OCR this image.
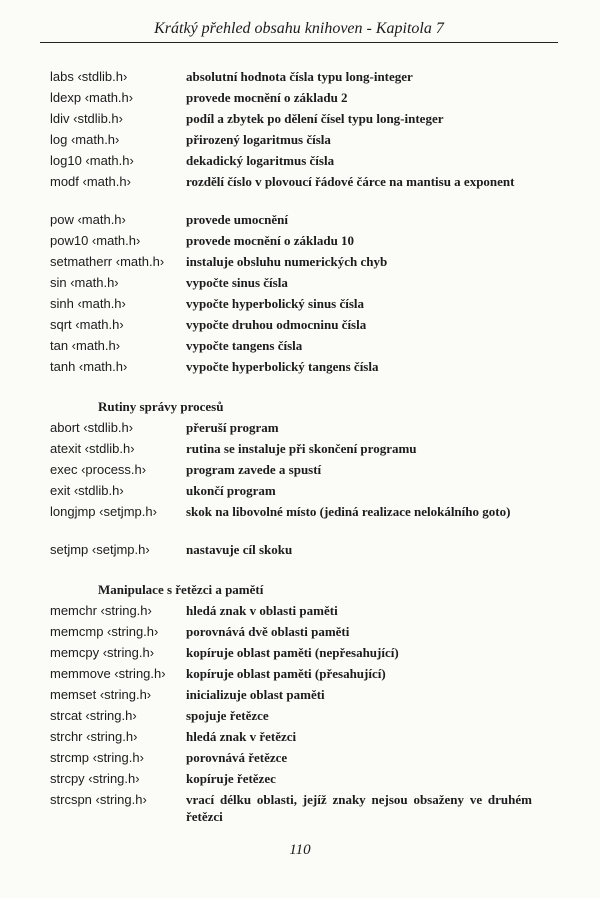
Krátký přehled obsahu knihoven - Kapitola 7
labs ‹stdlib.h›	absolutní hodnota čísla typu long-integer
ldexp ‹math.h›	provede mocnění o základu 2
ldiv ‹stdlib.h›	podíl a zbytek po dělení čísel typu long-integer
log ‹math.h›	přirozený logaritmus čísla
log10 ‹math.h›	dekadický logaritmus čísla
modf ‹math.h›	rozdělí číslo v plovoucí řádové čárce na mantisu a exponent
pow ‹math.h›	provede umocnění
pow10 ‹math.h›	provede mocnění o základu 10
setmatherr ‹math.h› instaluje obsluhu numerických chyb
sin ‹math.h›	vypočte sinus čísla
sinh ‹math.h›	vypočte hyperbolický sinus čísla
sqrt ‹math.h›	vypočte druhou odmocninu čísla
tan ‹math.h›	vypočte tangens čísla
tanh ‹math.h›	vypočte hyperbolický tangens čísla
Rutiny správy procesů
abort ‹stdlib.h›	přeruší program
atexit ‹stdlib.h›	rutina se instaluje při skončení programu
exec ‹process.h›	program zavede a spustí
exit ‹stdlib.h›	ukončí program
longjmp ‹setjmp.h› skok na libovolné místo (jediná realizace nelokálního goto)
setjmp ‹setjmp.h›	nastavuje cíl skoku
Manipulace s řetězci a pamětí
memchr ‹string.h›	hledá znak v oblasti paměti
memcmp ‹string.h› porovnává dvě oblasti paměti
memcpy ‹string.h› kopíruje oblast paměti (nepřesahující)
memmove ‹string.h› kopíruje oblast paměti (přesahující)
memset ‹string.h›	inicializuje oblast paměti
strcat ‹string.h›	spojuje řetězce
strchr ‹string.h›	hledá znak v řetězci
strcmp ‹string.h›	porovnává řetězce
strcpy ‹string.h›	kopíruje řetězec
strcspn ‹string.h›	vrací délku oblasti, jejíž znaky nejsou obsaženy ve druhém řetězci
110
